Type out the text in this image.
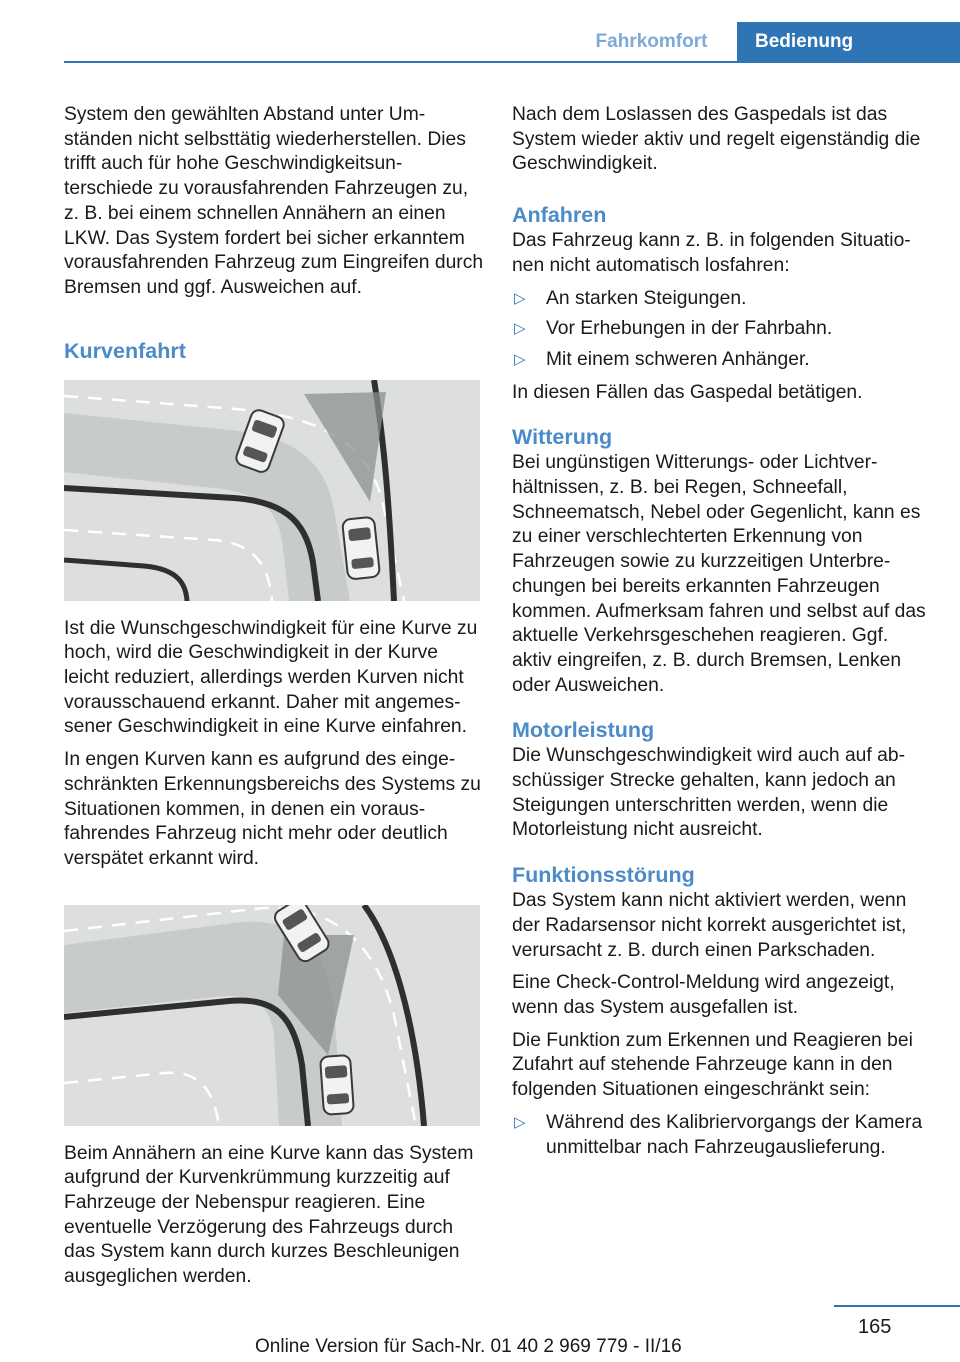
Fahrkomfort	Bedienung

System den gewählten Abstand unter Umständen nicht selbsttätig wiederherstellen. Dies trifft auch für hohe Geschwindigkeitsunterschiede zu vorausfahrenden Fahrzeugen zu, z. B. bei einem schnellen Annähern an einen LKW. Das System fordert bei sicher erkanntem vorausfahrenden Fahrzeug zum Eingreifen durch Bremsen und ggf. Ausweichen auf.

Kurvenfahrt

Ist die Wunschgeschwindigkeit für eine Kurve zu hoch, wird die Geschwindigkeit in der Kurve leicht reduziert, allerdings werden Kurven nicht vorausschauend erkannt. Daher mit angemessener Geschwindigkeit in eine Kurve einfahren.

In engen Kurven kann es aufgrund des eingeschränkten Erkennungsbereichs des Systems zu Situationen kommen, in denen ein vorausfahrendes Fahrzeug nicht mehr oder deutlich verspätet erkannt wird.

Beim Annähern an eine Kurve kann das System aufgrund der Kurvenkrümmung kurzzeitig auf Fahrzeuge der Nebenspur reagieren. Eine eventuelle Verzögerung des Fahrzeugs durch das System kann durch kurzes Beschleunigen ausgeglichen werden.

Nach dem Loslassen des Gaspedals ist das System wieder aktiv und regelt eigenständig die Geschwindigkeit.

Anfahren

Das Fahrzeug kann z. B. in folgenden Situationen nicht automatisch losfahren:

▷ An starken Steigungen.
▷ Vor Erhebungen in der Fahrbahn.
▷ Mit einem schweren Anhänger.

In diesen Fällen das Gaspedal betätigen.

Witterung

Bei ungünstigen Witterungs- oder Lichtverhältnissen, z. B. bei Regen, Schneefall, Schneematsch, Nebel oder Gegenlicht, kann es zu einer verschlechterten Erkennung von Fahrzeugen sowie zu kurzzeitigen Unterbrechungen bei bereits erkannten Fahrzeugen kommen. Aufmerksam fahren und selbst auf das aktuelle Verkehrsgeschehen reagieren. Ggf. aktiv eingreifen, z. B. durch Bremsen, Lenken oder Ausweichen.

Motorleistung

Die Wunschgeschwindigkeit wird auch auf abschüssiger Strecke gehalten, kann jedoch an Steigungen unterschritten werden, wenn die Motorleistung nicht ausreicht.

Funktionsstörung

Das System kann nicht aktiviert werden, wenn der Radarsensor nicht korrekt ausgerichtet ist, verursacht z. B. durch einen Parkschaden.

Eine Check-Control-Meldung wird angezeigt, wenn das System ausgefallen ist.

Die Funktion zum Erkennen und Reagieren bei Zufahrt auf stehende Fahrzeuge kann in den folgenden Situationen eingeschränkt sein:

▷ Während des Kalibriervorgangs der Kamera unmittelbar nach Fahrzeugauslieferung.
165
Online Version für Sach-Nr. 01 40 2 969 779 - II/16
